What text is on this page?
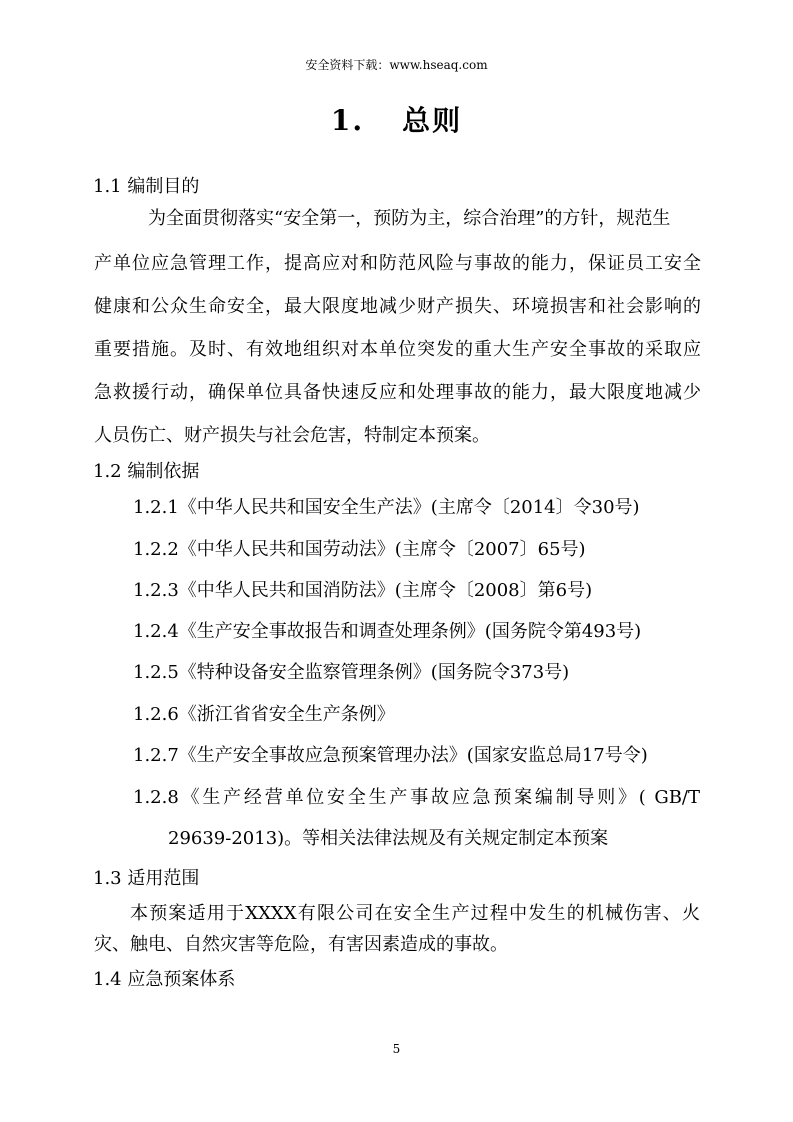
安全资料下载：www.hseaq.com
1. 总则
1.1 编制目的
为全面贯彻落实“安全第一，预防为主，综合治理”的方针，规范生
产单位应急管理工作，提高应对和防范风险与事故的能力，保证员工安全
健康和公众生命安全，最大限度地减少财产损失、环境损害和社会影响的
重要措施。及时、有效地组织对本单位突发的重大生产安全事故的采取应
急救援行动，确保单位具备快速反应和处理事故的能力，最大限度地减少
人员伤亡、财产损失与社会危害，特制定本预案。
1.2 编制依据
1.2.1《中华人民共和国安全生产法》(主席令〔2014〕令30号)
1.2.2《中华人民共和国劳动法》(主席令〔2007〕65号)
1.2.3《中华人民共和国消防法》(主席令〔2008〕第6号)
1.2.4《生产安全事故报告和调查处理条例》(国务院令第493号)
1.2.5《特种设备安全监察管理条例》(国务院令373号)
1.2.6《浙江省省安全生产条例》
1.2.7《生产安全事故应急预案管理办法》(国家安监总局17号令)
1.2.8《生产经营单位安全生产事故应急预案编制导则》( GB/T
29639-2013)。等相关法律法规及有关规定制定本预案
1.3 适用范围
本预案适用于XXXX有限公司在安全生产过程中发生的机械伤害、火
灾、触电、自然灾害等危险，有害因素造成的事故。
1.4 应急预案体系
5
